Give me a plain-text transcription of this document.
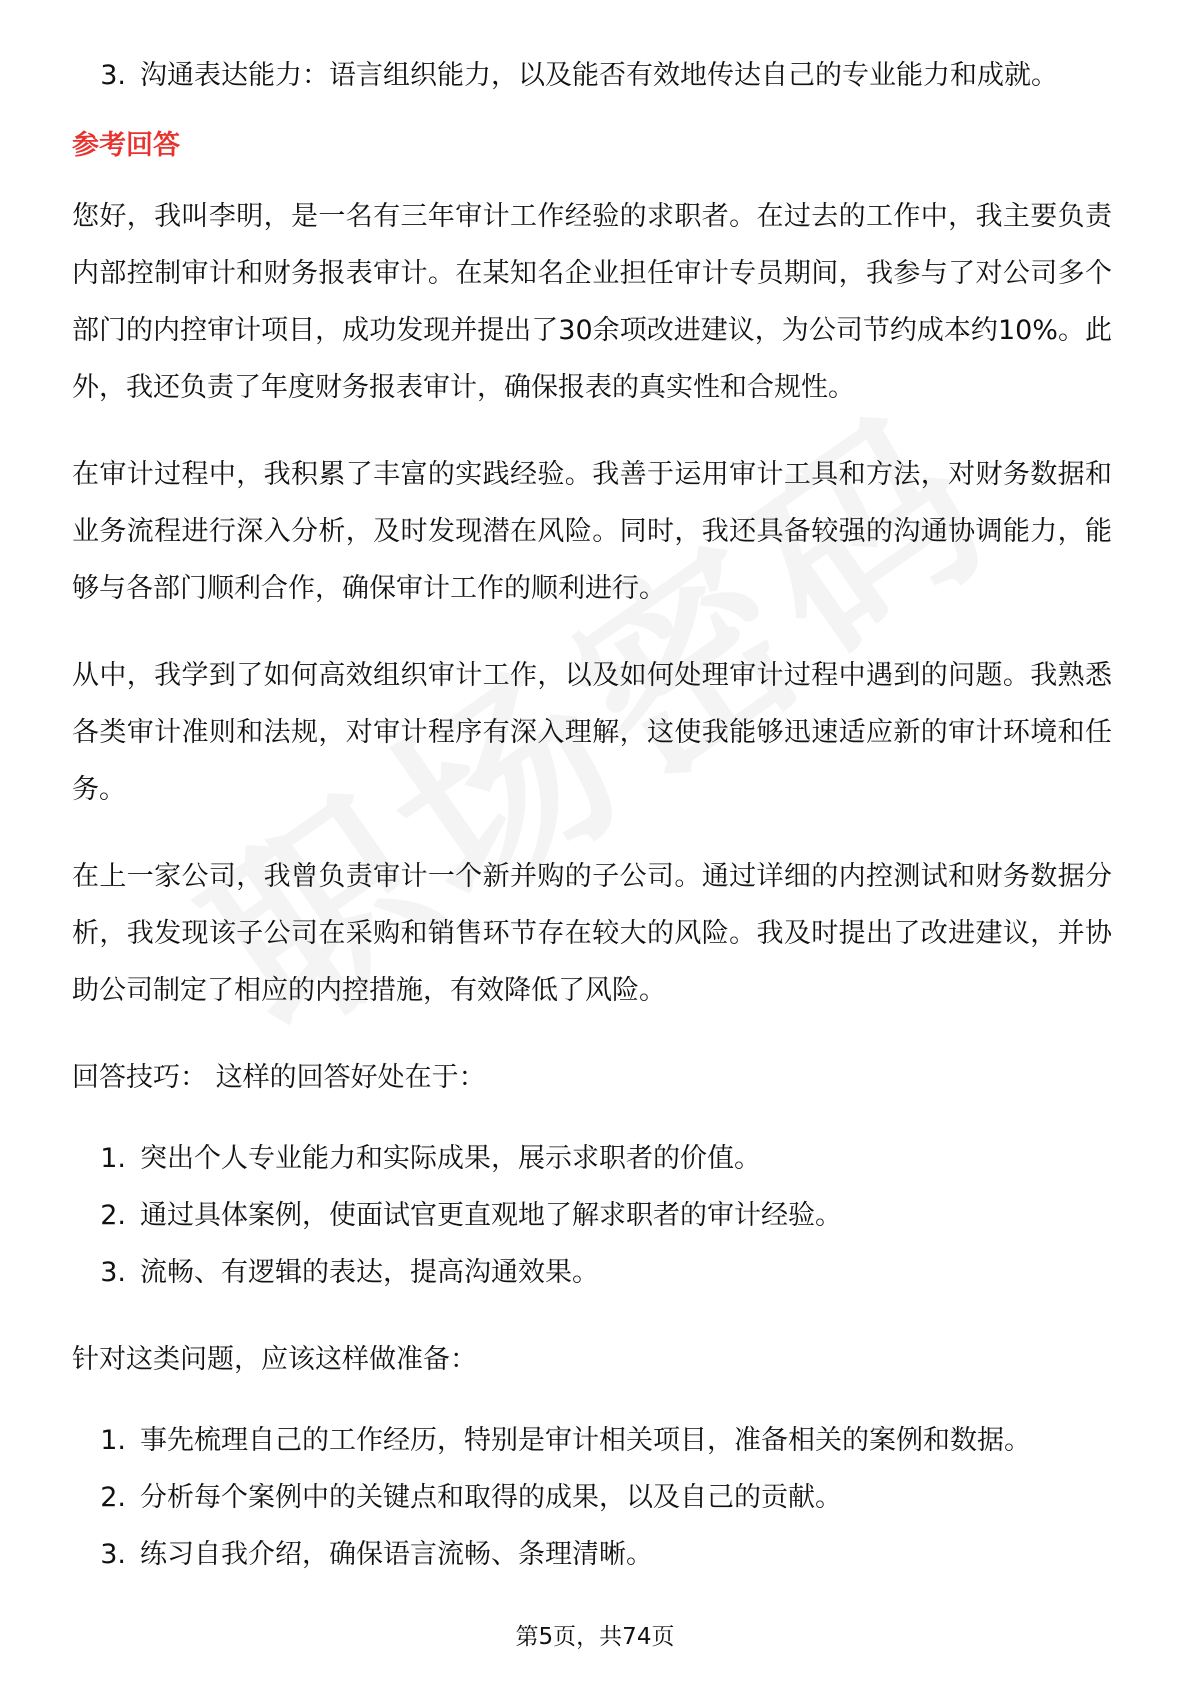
3. 沟通表达能力：语言组织能力，以及能否有效地传达自己的专业能力和成就。
参考回答

您好，我叫李明，是一名有三年审计工作经验的求职者。在过去的工作中，我主要负责内部控制审计和财务报表审计。在某知名企业担任审计专员期间，我参与了对公司多个部门的内控审计项目，成功发现并提出了30余项改进建议，为公司节约成本约10%。此外，我还负责了年度财务报表审计，确保报表的真实性和合规性。

在审计过程中，我积累了丰富的实践经验。我善于运用审计工具和方法，对财务数据和业务流程进行深入分析，及时发现潜在风险。同时，我还具备较强的沟通协调能力，能够与各部门顺利合作，确保审计工作的顺利进行。

从中，我学到了如何高效组织审计工作，以及如何处理审计过程中遇到的问题。我熟悉各类审计准则和法规，对审计程序有深入理解，这使我能够迅速适应新的审计环境和任务。

在上一家公司，我曾负责审计一个新并购的子公司。通过详细的内控测试和财务数据分析，我发现该子公司在采购和销售环节存在较大的风险。我及时提出了改进建议，并协助公司制定了相应的内控措施，有效降低了风险。

回答技巧： 这样的回答好处在于：

1. 突出个人专业能力和实际成果，展示求职者的价值。
2. 通过具体案例，使面试官更直观地了解求职者的审计经验。
3. 流畅、有逻辑的表达，提高沟通效果。

针对这类问题，应该这样做准备：

1. 事先梳理自己的工作经历，特别是审计相关项目，准备相关的案例和数据。
2. 分析每个案例中的关键点和取得的成果，以及自己的贡献。
3. 练习自我介绍，确保语言流畅、条理清晰。
第5页，共74页
